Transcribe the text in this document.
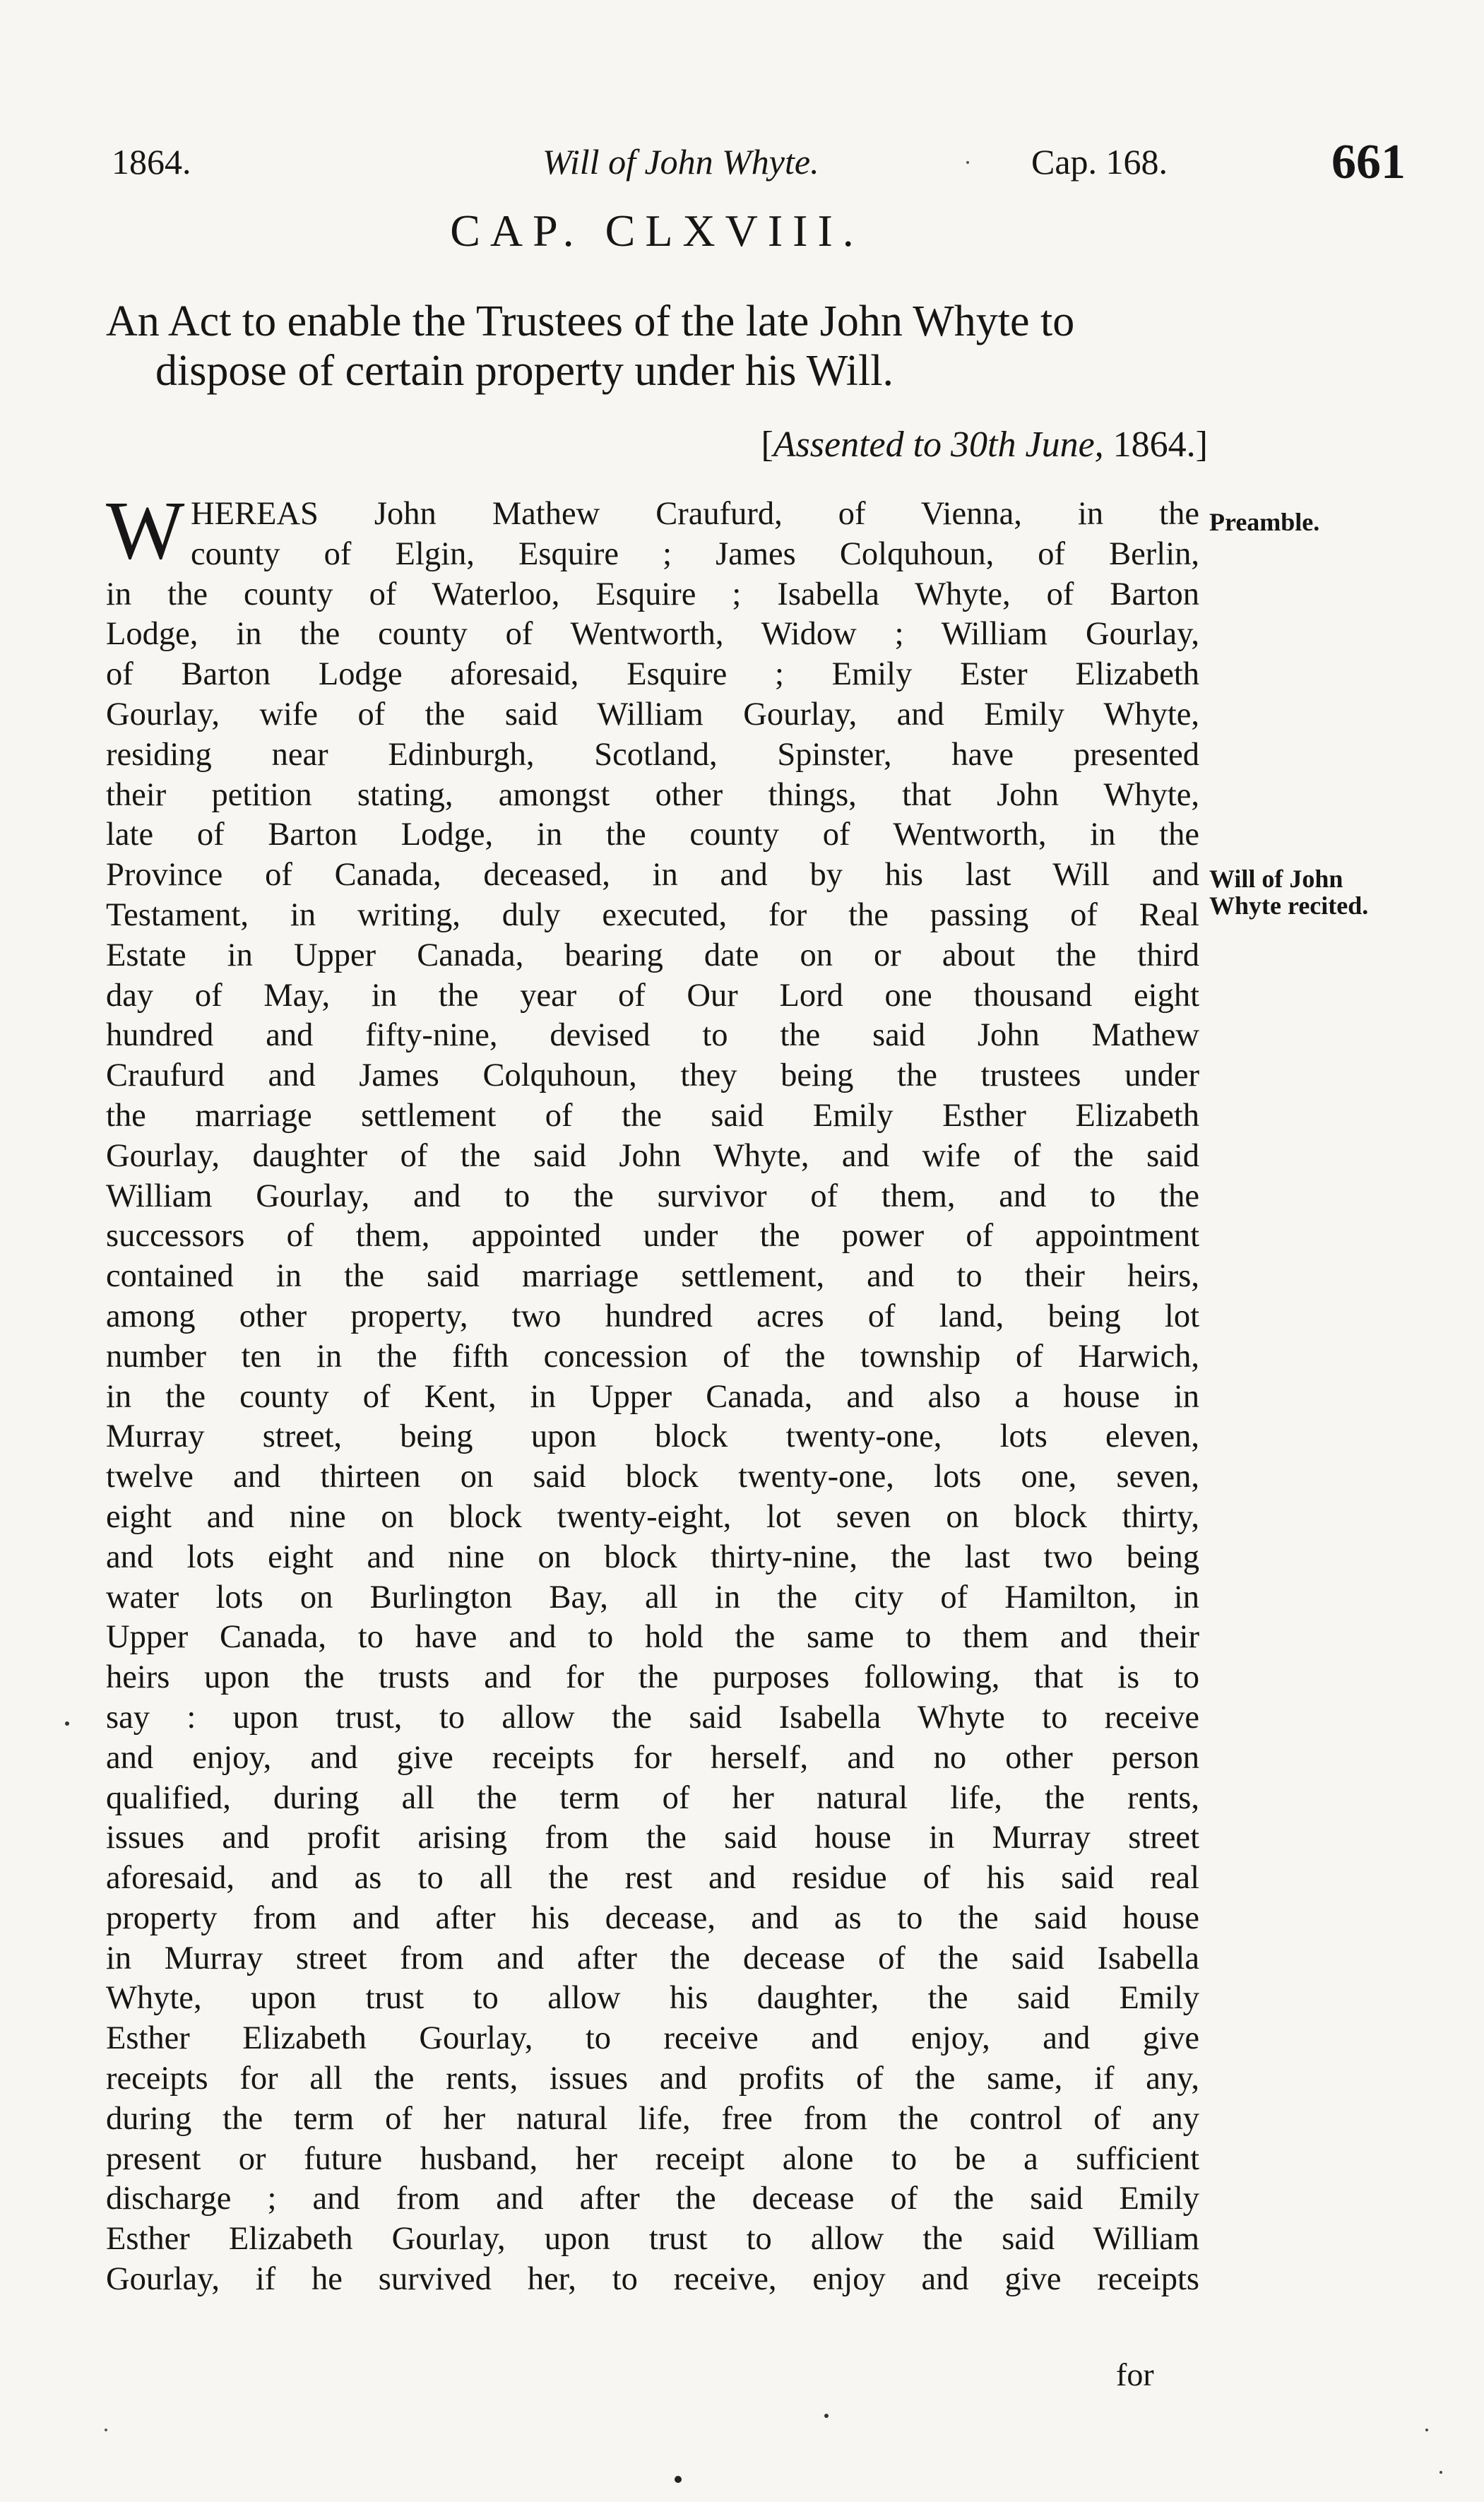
1864.	Will of John Whyte.	Cap. 168.	661
CAP. CLXVIII.
An Act to enable the Trustees of the late John Whyte to dispose of certain property under his Will.
[Assented to 30th June, 1864.]
Preamble.
Will of John Whyte recited.
W HEREAS John Mathew Craufurd, of Vienna, in the
county of Elgin, Esquire ; James Colquhoun, of Berlin,
in the county of Waterloo, Esquire ; Isabella Whyte, of Barton
Lodge, in the county of Wentworth, Widow ; William Gourlay,
of Barton Lodge aforesaid, Esquire ; Emily Ester Elizabeth
Gourlay, wife of the said William Gourlay, and Emily Whyte,
residing near Edinburgh, Scotland, Spinster, have presented
their petition stating, amongst other things, that John Whyte,
late of Barton Lodge, in the county of Wentworth, in the
Province of Canada, deceased, in and by his last Will and
Testament, in writing, duly executed, for the passing of Real
Estate in Upper Canada, bearing date on or about the third
day of May, in the year of Our Lord one thousand eight
hundred and fifty-nine, devised to the said John Mathew
Craufurd and James Colquhoun, they being the trustees under
the marriage settlement of the said Emily Esther Elizabeth
Gourlay, daughter of the said John Whyte, and wife of the said
William Gourlay, and to the survivor of them, and to the
successors of them, appointed under the power of appointment
contained in the said marriage settlement, and to their heirs,
among other property, two hundred acres of land, being lot
number ten in the fifth concession of the township of Harwich,
in the county of Kent, in Upper Canada, and also a house in
Murray street, being upon block twenty-one, lots eleven,
twelve and thirteen on said block twenty-one, lots one, seven,
eight and nine on block twenty-eight, lot seven on block thirty,
and lots eight and nine on block thirty-nine, the last two being
water lots on Burlington Bay, all in the city of Hamilton, in
Upper Canada, to have and to hold the same to them and their
heirs upon the trusts and for the purposes following, that is to
say : upon trust, to allow the said Isabella Whyte to receive
and enjoy, and give receipts for herself, and no other person
qualified, during all the term of her natural life, the rents,
issues and profit arising from the said house in Murray street
aforesaid, and as to all the rest and residue of his said real
property from and after his decease, and as to the said house
in Murray street from and after the decease of the said Isabella
Whyte, upon trust to allow his daughter, the said Emily
Esther Elizabeth Gourlay, to receive and enjoy, and give
receipts for all the rents, issues and profits of the same, if any,
during the term of her natural life, free from the control of any
present or future husband, her receipt alone to be a sufficient
discharge ; and from and after the decease of the said Emily
Esther Elizabeth Gourlay, upon trust to allow the said William
Gourlay, if he survived her, to receive, enjoy and give receipts
for
